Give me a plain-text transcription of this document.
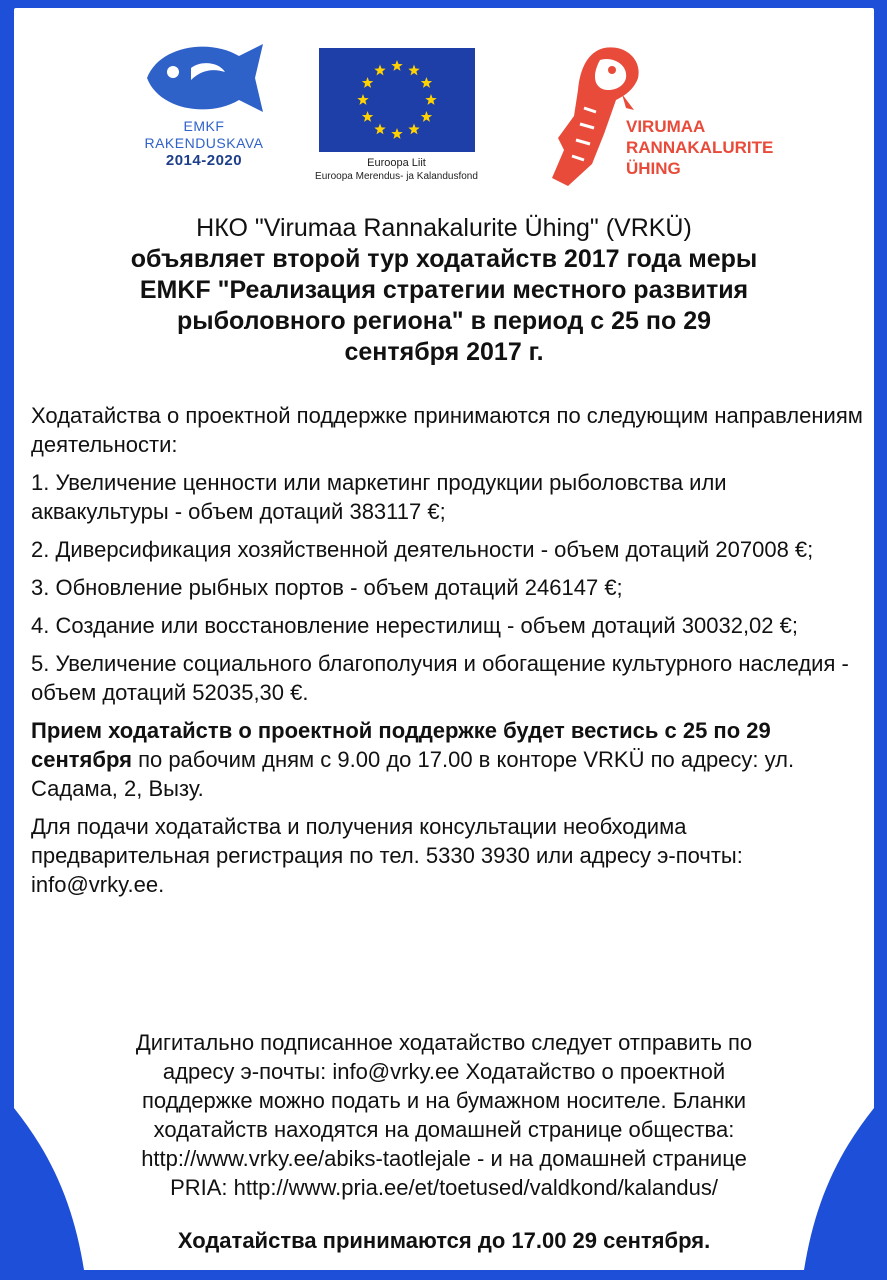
EMKF
RAKENDUSKAVA
2014-2020	Euroopa Liit
Euroopa Merendus- ja Kalandusfond
VIRUMAA
RANNAKALURITE
ÜHING
НКО "Virumaa Rannakalurite Ühing" (VRKÜ)
объявляет второй тур ходатайств 2017 года меры
EMKF "Реализация стратегии местного развития
рыболовного региона" в период с 25 по 29
сентября 2017 г.

Ходатайства о проектной поддержке принимаются по следующим направлениям деятельности:

1. Увеличение ценности или маркетинг продукции рыболовства или аквакультуры - объем дотаций 383117 €;

2. Диверсификация хозяйственной деятельности - объем дотаций 207008 €;

3. Обновление рыбных портов - объем дотаций 246147 €;

4. Создание или восстановление нерестилищ - объем дотаций 30032,02 €;

5. Увеличение социального благополучия и обогащение культурного наследия - объем дотаций 52035,30 €.

Прием ходатайств о проектной поддержке будет вестись с 25 по 29 сентября по рабочим дням с 9.00 до 17.00 в конторе VRKÜ по адресу: ул. Садама, 2, Вызу.

Для подачи ходатайства и получения консультации необходима предварительная регистрация по тел. 5330 3930 или адресу э-почты: info@vrky.ee.

Дигитально подписанное ходатайство следует отправить по

адресу э-почты: info@vrky.ee Ходатайство о проектной

поддержке можно подать и на бумажном носителе. Бланки

ходатайств находятся на домашней странице общества:

http://www.vrky.ee/abiks-taotlejale - и на домашней странице

PRIA: http://www.pria.ee/et/toetused/valdkond/kalandus/

Ходатайства принимаются до 17.00 29 сентября.
